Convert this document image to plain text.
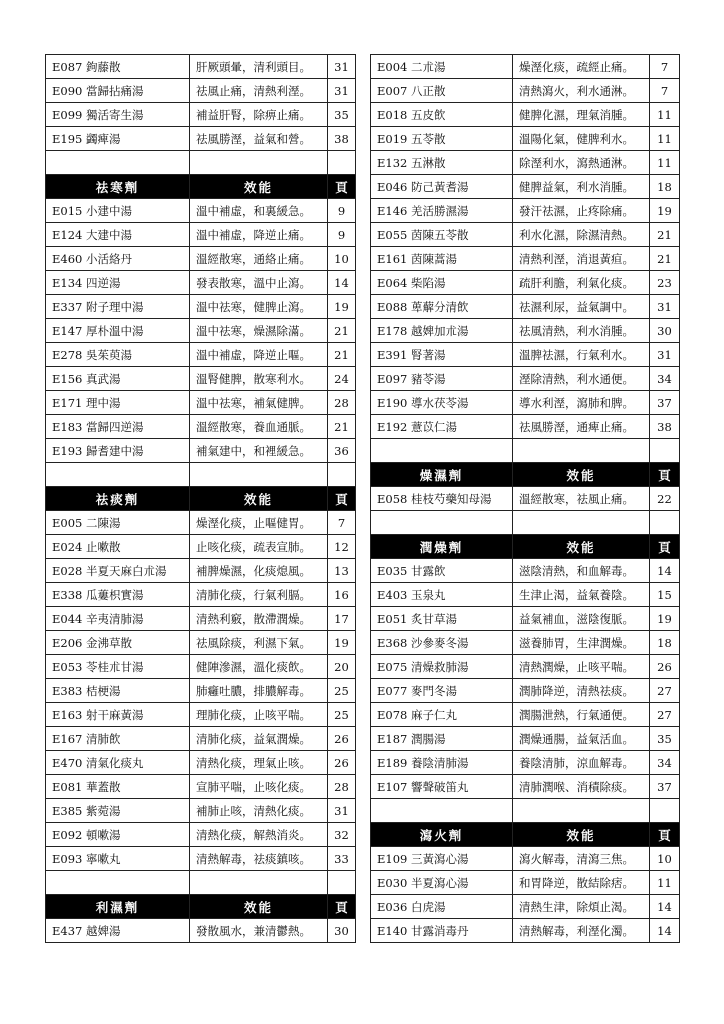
E087 鉤藤散	肝厥頭暈，清利頭目。	31
E090 當歸拈痛湯	祛風止痛，清熱利溼。	31
E099 獨活寄生湯	補益肝腎，除痹止痛。	35
E195 蠲痺湯	祛風勝溼，益氣和營。	38

祛寒劑	效能	頁
E015 小建中湯	溫中補虛，和裏緩急。	9
E124 大建中湯	溫中補虛，降逆止痛。	9
E460 小活絡丹	溫經散寒，通絡止痛。	10
E134 四逆湯	發表散寒，溫中止瀉。	14
E337 附子理中湯	溫中祛寒，健脾止瀉。	19
E147 厚朴溫中湯	溫中祛寒，燥濕除滿。	21
E278 吳茱萸湯	溫中補虛，降逆止嘔。	21
E156 真武湯	溫腎健脾，散寒利水。	24
E171 理中湯	溫中祛寒，補氣健脾。	28
E183 當歸四逆湯	溫經散寒，養血通脈。	21
E193 歸耆建中湯	補氣建中，和裡緩急。	36

祛痰劑	效能	頁
E005 二陳湯	燥溼化痰，止嘔健胃。	7
E024 止嗽散	止咳化痰，疏表宣肺。	12
E028 半夏天麻白朮湯	補脾燥濕，化痰熄風。	13
E338 瓜蔞枳實湯	清肺化痰，行氣利膈。	16
E044 辛夷清肺湯	清熱利竅，散滯潤燥。	17
E206 金沸草散	祛風除痰，利濕下氣。	19
E053 苓桂朮甘湯	健陣滲濕，溫化痰飲。	20
E383 桔梗湯	肺癰吐膿，排膿解毒。	25
E163 射干麻黃湯	理肺化痰，止咳平喘。	25
E167 清肺飲	清肺化痰，益氣潤燥。	26
E470 清氣化痰丸	清熱化痰，理氣止咳。	26
E081 華蓋散	宣肺平喘，止咳化痰。	28
E385 紫菀湯	補肺止咳，清熱化痰。	31
E092 頓嗽湯	清熱化痰，解熱消炎。	32
E093 寧嗽丸	清熱解毒，祛痰鎮咳。	33

利濕劑	效能	頁
E437 越婢湯	發散風水，兼清鬱熱。	30
E004 二朮湯	燥溼化痰，疏經止痛。	7
E007 八正散	清熱瀉火，利水通淋。	7
E018 五皮飲	健脾化濕，理氣消腫。	11
E019 五苓散	溫陽化氣，健脾利水。	11
E132 五淋散	除溼利水，瀉熱通淋。	11
E046 防己黃耆湯	健脾益氣，利水消腫。	18
E146 羌活勝濕湯	發汗祛濕，止疼除痛。	19
E055 茵陳五苓散	利水化濕，除濕清熱。	21
E161 茵陳蒿湯	清熱利溼，消退黃疸。	21
E064 柴陷湯	疏肝利膽，利氣化痰。	23
E088 萆薢分清飲	祛濕利尿，益氣調中。	31
E178 越婢加朮湯	祛風清熱，利水消腫。	30
E391 腎著湯	溫脾祛濕，行氣利水。	31
E097 豬苓湯	溼除清熱，利水通便。	34
E190 導水茯苓湯	導水利溼，瀉肺和脾。	37
E192 薏苡仁湯	祛風勝溼，通痺止痛。	38

燥濕劑	效能	頁
E058 桂枝芍藥知母湯	溫經散寒，祛風止痛。	22

潤燥劑	效能	頁
E035 甘露飲	滋陰清熱，和血解毒。	14
E403 玉泉丸	生津止渴，益氣養陰。	15
E051 炙甘草湯	益氣補血，滋陰復脈。	19
E368 沙參麥冬湯	滋養肺胃，生津潤燥。	18
E075 清燥救肺湯	清熱潤燥，止咳平喘。	26
E077 麥門冬湯	潤肺降逆，清熱祛痰。	27
E078 麻子仁丸	潤腸泄熱，行氣通便。	27
E187 潤腸湯	潤燥通腸，益氣活血。	35
E189 養陰清肺湯	養陰清肺，涼血解毒。	34
E107 響聲破笛丸	清肺潤喉、消積除痰。	37

瀉火劑	效能	頁
E109 三黃瀉心湯	瀉火解毒，清瀉三焦。	10
E030 半夏瀉心湯	和胃降逆，散結除痞。	11
E036 白虎湯	清熱生津，除煩止渴。	14
E140 甘露消毒丹	清熱解毒，利溼化濁。	14
